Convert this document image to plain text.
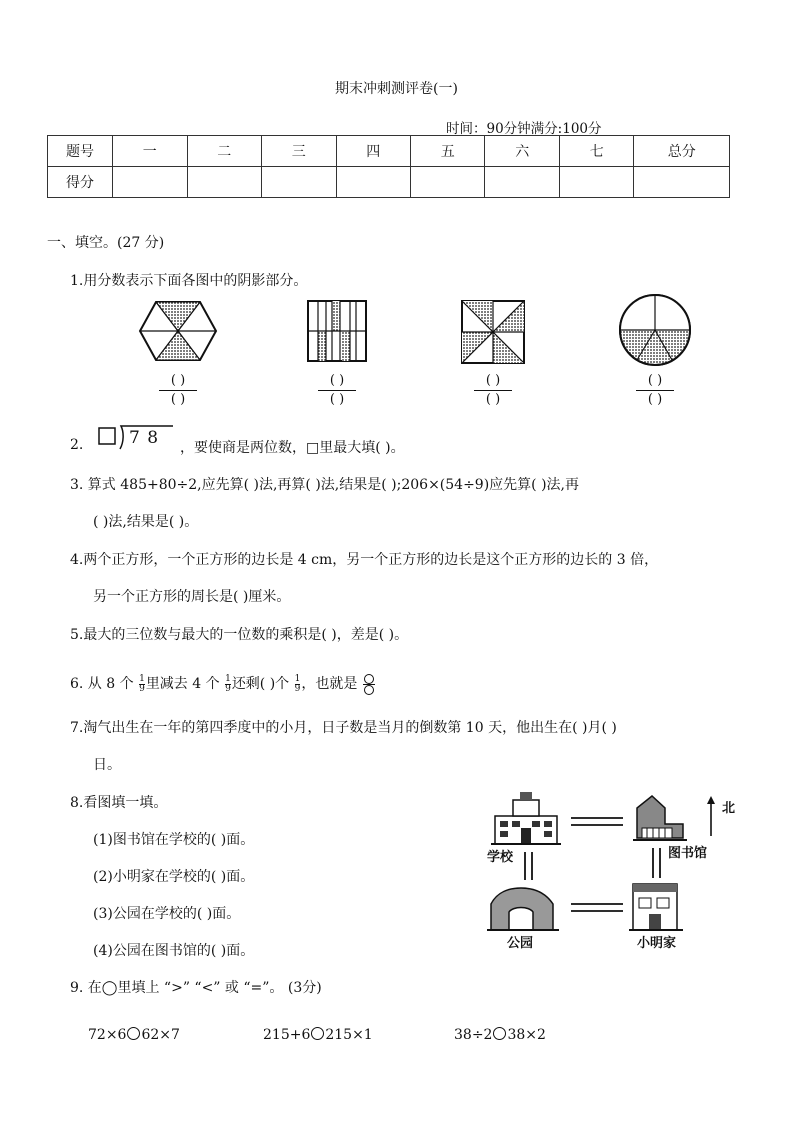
期末冲刺测评卷(一)
时间：90分钟满分:100分
题号	一	二	三	四	五	六	七	总分
得分								
一、填空。(27 分)
1.用分数表示下面各图中的阴影部分。
( )
( )
( )
( )
( )
( )
( )
( )
2.	7 8 ，要使商是两位数，□里最大填( )。
3. 算式 485+80÷2,应先算( )法,再算( )法,结果是( );206×(54÷9)应先算( )法,再
( )法,结果是( )。
4.两个正方形，一个正方形的边长是 4 cm，另一个正方形的边长是这个正方形的边长的 3 倍，
另一个正方形的周长是( )厘米。
5.最大的三位数与最大的一位数的乘积是( )，差是( )。
6. 从 8 个 $\frac{1}{9}$ 里减去 4 个 $\frac{1}{9}$ 还剩( )个 $\frac{1}{9}$ ，也就是
7.淘气出生在一年的第四季度中的小月，日子数是当月的倒数第 10 天，他出生在( )月( )
日。
8.看图填一填。
(1)图书馆在学校的( )面。
(2)小明家在学校的( )面。
(3)公园在学校的( )面。
(4)公园在图书馆的( )面。
北
学校	图书馆
公园	小明家
9. 在◯里填上 “>” “<” 或 “=”。 (3分)
72×6 62×7	215+6 215×1	38÷2 38×2
